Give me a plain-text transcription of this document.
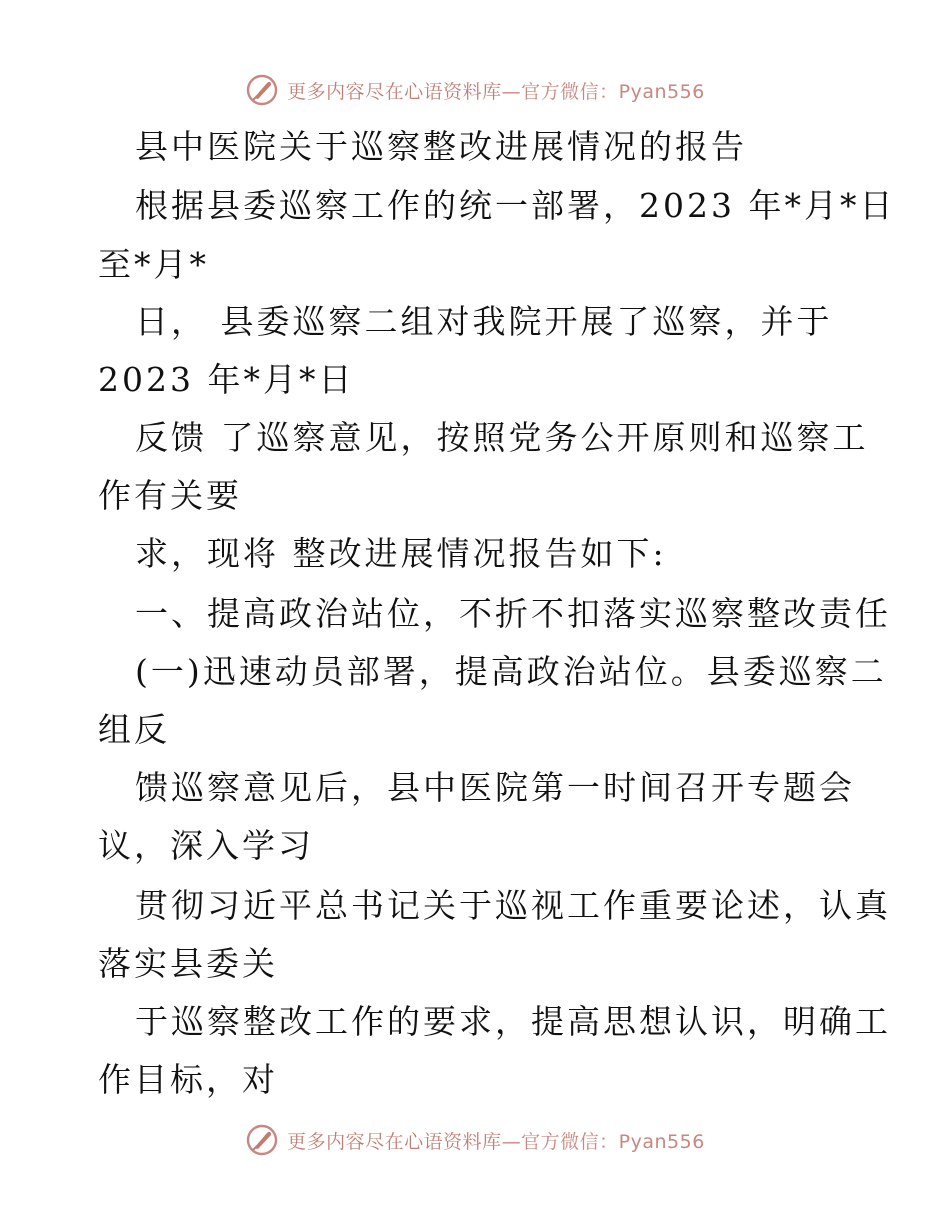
更多内容尽在心语资料库—官方微信：Pyan556
县中医院关于巡察整改进展情况的报告
根据县委巡察工作的统一部署，2023 年*月*日
至*月*
日， 县委巡察二组对我院开展了巡察，并于
2023 年*月*日
反馈 了巡察意见，按照党务公开原则和巡察工
作有关要
求，现将 整改进展情况报告如下:
一、提高政治站位，不折不扣落实巡察整改责任
(一)迅速动员部署，提高政治站位。县委巡察二
组反
馈巡察意见后，县中医院第一时间召开专题会
议，深入学习
贯彻习近平总书记关于巡视工作重要论述，认真
落实县委关
于巡察整改工作的要求，提高思想认识，明确工
作目标，对
更多内容尽在心语资料库—官方微信：Pyan556
